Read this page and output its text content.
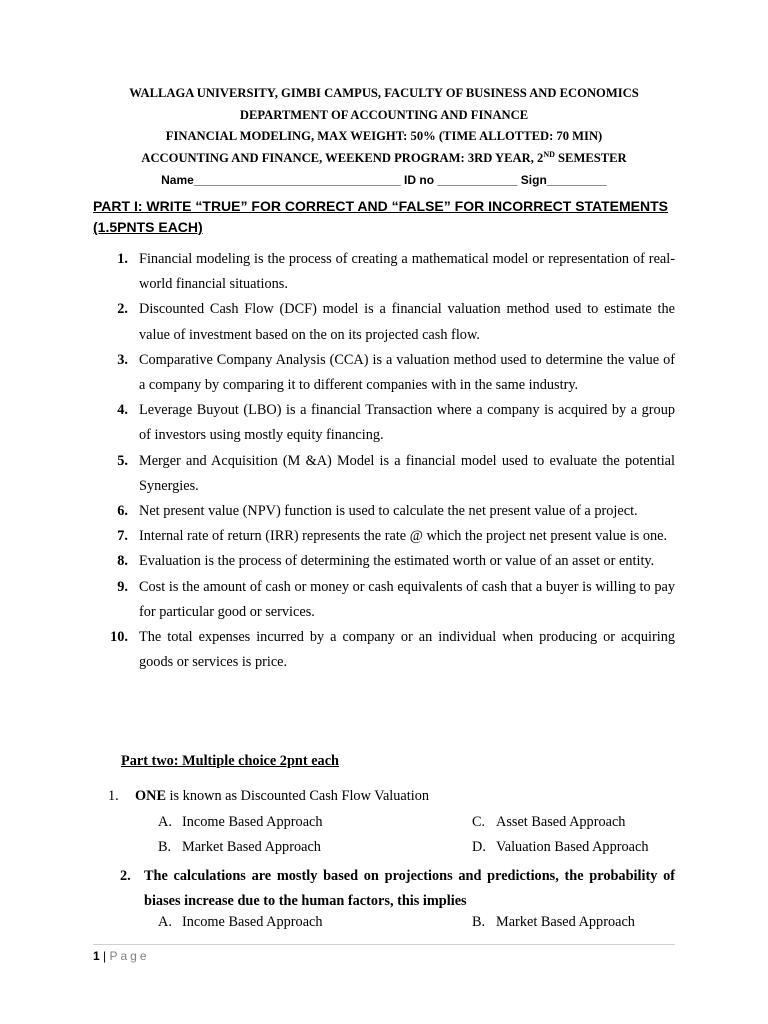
WALLAGA UNIVERSITY, GIMBI CAMPUS, FACULTY OF BUSINESS AND ECONOMICS
DEPARTMENT OF ACCOUNTING AND FINANCE
FINANCIAL MODELING, MAX WEIGHT: 50% (TIME ALLOTTED: 70 MIN)
ACCOUNTING AND FINANCE, WEEKEND PROGRAM: 3RD YEAR, 2ND SEMESTER
Name_______________________________ ID no ____________ Sign_________
PART I: WRITE “TRUE” FOR CORRECT AND “FALSE” FOR INCORRECT STATEMENTS (1.5PNTS EACH)
1. Financial modeling is the process of creating a mathematical model or representation of real-world financial situations.
2. Discounted Cash Flow (DCF) model is a financial valuation method used to estimate the value of investment based on the on its projected cash flow.
3. Comparative Company Analysis (CCA) is a valuation method used to determine the value of a company by comparing it to different companies with in the same industry.
4. Leverage Buyout (LBO) is a financial Transaction where a company is acquired by a group of investors using mostly equity financing.
5. Merger and Acquisition (M &A) Model is a financial model used to evaluate the potential Synergies.
6. Net present value (NPV) function is used to calculate the net present value of a project.
7. Internal rate of return (IRR) represents the rate @ which the project net present value is one.
8. Evaluation is the process of determining the estimated worth or value of an asset or entity.
9. Cost is the amount of cash or money or cash equivalents of cash that a buyer is willing to pay for particular good or services.
10. The total expenses incurred by a company or an individual when producing or acquiring goods or services is price.
Part two: Multiple choice 2pnt each
1. ONE is known as Discounted Cash Flow Valuation
A. Income Based Approach
B. Market Based Approach
C. Asset Based Approach
D. Valuation Based Approach
2. The calculations are mostly based on projections and predictions, the probability of biases increase due to the human factors, this implies
A. Income Based Approach	B. Market Based Approach
1 | Page
